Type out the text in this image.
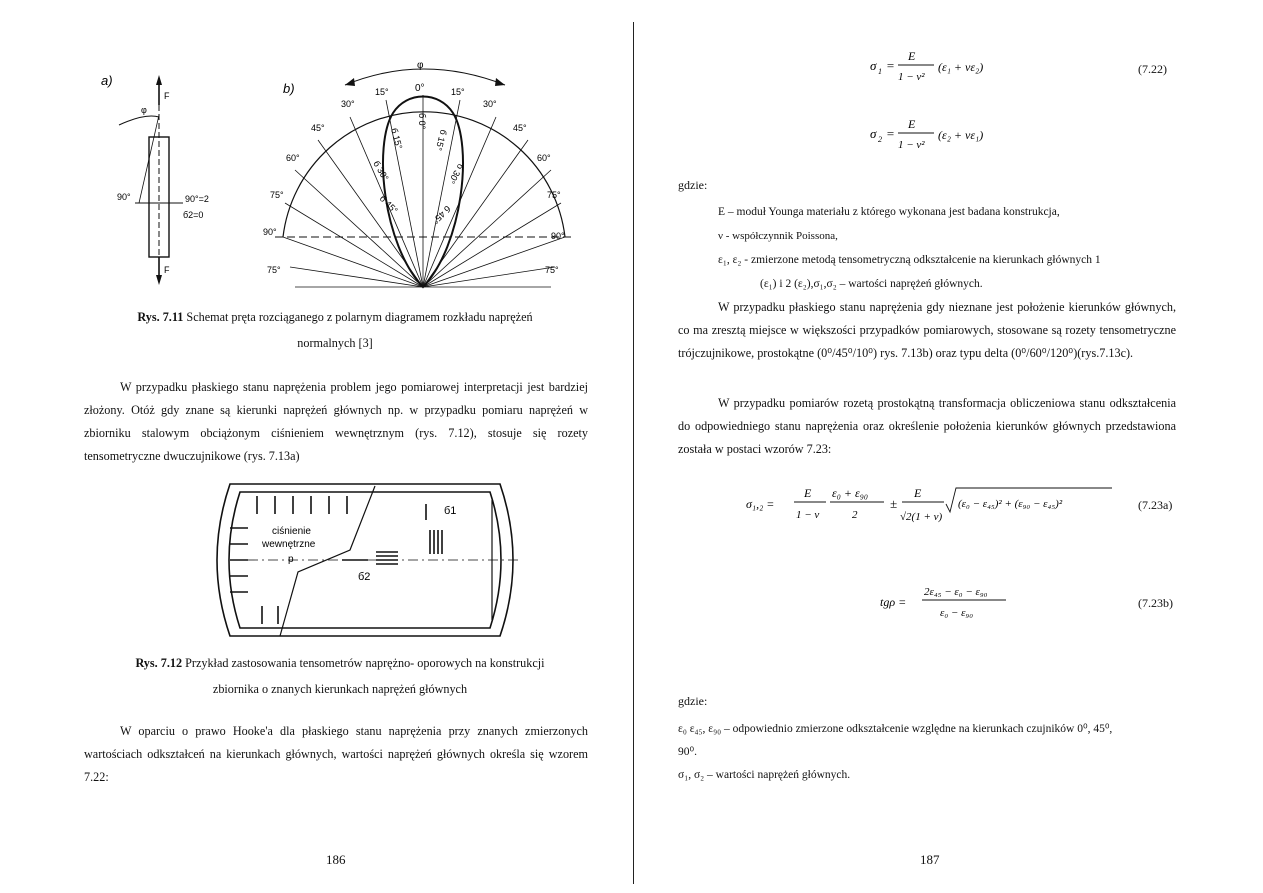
a)
F
φ
90°	90°=2
б2=0
F
b)
φ
0°
15°
30°
45°
60°
75°
90°
75°
15°
30°
45°
60°
75°
90°
75°
б 0°
б 15°	б 15°
б 30°	б 30°
б 45°	б 45°
Rys. 7.11 Schemat pręta rozciąganego z polarnym diagramem rozkładu naprężeń
normalnych [3]
W przypadku płaskiego stanu naprężenia problem jego pomiarowej interpretacji jest bardziej złożony. Otóż gdy znane są kierunki naprężeń głównych np. w przypadku pomiaru naprężeń w zbiorniku stalowym obciążonym ciśnieniem wewnętrznym (rys. 7.12), stosuje się rozety tensometryczne dwuczujnikowe (rys. 7.13a)
ciśnienie
wewnętrzne
p
б1
б2
Rys. 7.12 Przykład zastosowania tensometrów naprężno- oporowych na konstrukcji
zbiornika o znanych kierunkach naprężeń głównych
W oparciu o prawo Hooke'a dla płaskiego stanu naprężenia przy znanych zmierzonych wartościach odkształceń na kierunkach głównych, wartości naprężeń głównych określa się wzorem 7.22:
186
σ 1 =
E
1 − ν²
(ε₁ + νε₂)	(7.22)
σ 2 =
E
1 − ν²
(ε₂ + νε₁)
gdzie:
E – moduł Younga materiału z którego wykonana jest badana konstrukcja,
ν - współczynnik Poissona,
ε₁, ε₂ - zmierzone metodą tensometryczną odkształcenie na kierunkach głównych 1
(ε₁) i 2 (ε₂),σ₁,σ₂ – wartości naprężeń głównych.
W przypadku płaskiego stanu naprężenia gdy nieznane jest położenie kierunków głównych, co ma zresztą miejsce w większości przypadków pomiarowych, stosowane są rozety tensometryczne trójczujnikowe, prostokątne (0⁰/45⁰/10⁰) rys. 7.13b) oraz typu delta (0⁰/60⁰/120⁰)(rys.7.13c).
W przypadku pomiarów rozetą prostokątną transformacja obliczeniowa stanu odkształcenia do odpowiedniego stanu naprężenia oraz określenie położenia kierunków głównych przedstawiona została w postaci wzorów 7.23:
σ₁,₂ =
E
1 − ν
ε₀ + ε₉₀
2
±
E
√2(1 + ν)
(ε₀ − ε₄₅)² + (ε₉₀ − ε₄₅)²	(7.23a)
tgρ =
2ε₄₅ − ε₀ − ε₉₀
ε₀ − ε₉₀
(7.23b)
gdzie:
ε₀ ε₄₅, ε₉₀ – odpowiednio zmierzone odkształcenie względne na kierunkach czujników 0⁰, 45⁰,
90⁰.
σ₁, σ₂ – wartości naprężeń głównych.
187
